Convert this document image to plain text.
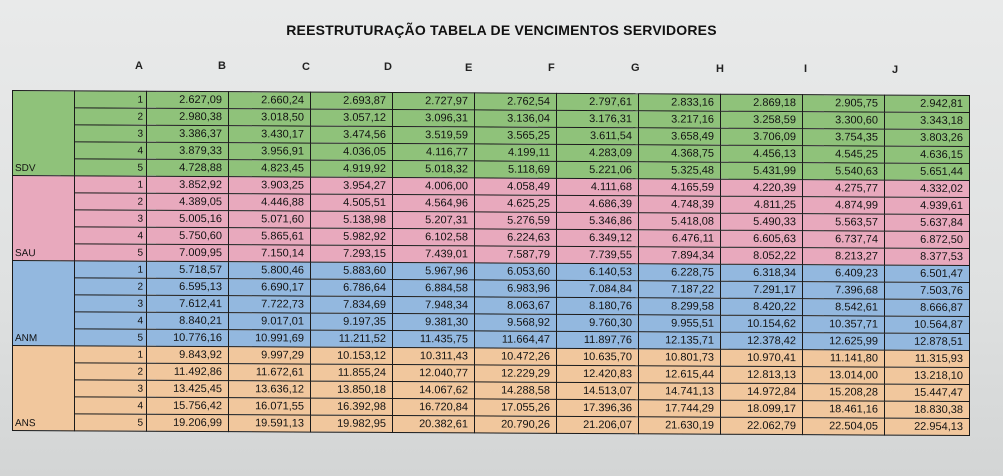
REESTRUTURAÇÃO TABELA DE VENCIMENTOS SERVIDORES
A	B	C	D	E	F	G	H	I	J
SDV	1	2.627,09	2.660,24	2.693,87	2.727,97	2.762,54	2.797,61	2.833,16	2.869,18	2.905,75	2.942,81
	2	2.980,38	3.018,50	3.057,12	3.096,31	3.136,04	3.176,31	3.217,16	3.258,59	3.300,60	3.343,18
	3	3.386,37	3.430,17	3.474,56	3.519,59	3.565,25	3.611,54	3.658,49	3.706,09	3.754,35	3.803,26
	4	3.879,33	3.956,91	4.036,05	4.116,77	4.199,11	4.283,09	4.368,75	4.456,13	4.545,25	4.636,15
	5	4.728,88	4.823,45	4.919,92	5.018,32	5.118,69	5.221,06	5.325,48	5.431,99	5.540,63	5.651,44
SAU	1	3.852,92	3.903,25	3.954,27	4.006,00	4.058,49	4.111,68	4.165,59	4.220,39	4.275,77	4.332,02
	2	4.389,05	4.446,88	4.505,51	4.564,96	4.625,25	4.686,39	4.748,39	4.811,25	4.874,99	4.939,61
	3	5.005,16	5.071,60	5.138,98	5.207,31	5.276,59	5.346,86	5.418,08	5.490,33	5.563,57	5.637,84
	4	5.750,60	5.865,61	5.982,92	6.102,58	6.224,63	6.349,12	6.476,11	6.605,63	6.737,74	6.872,50
	5	7.009,95	7.150,14	7.293,15	7.439,01	7.587,79	7.739,55	7.894,34	8.052,22	8.213,27	8.377,53
ANM	1	5.718,57	5.800,46	5.883,60	5.967,96	6.053,60	6.140,53	6.228,75	6.318,34	6.409,23	6.501,47
	2	6.595,13	6.690,17	6.786,64	6.884,58	6.983,96	7.084,84	7.187,22	7.291,17	7.396,68	7.503,76
	3	7.612,41	7.722,73	7.834,69	7.948,34	8.063,67	8.180,76	8.299,58	8.420,22	8.542,61	8.666,87
	4	8.840,21	9.017,01	9.197,35	9.381,30	9.568,92	9.760,30	9.955,51	10.154,62	10.357,71	10.564,87
	5	10.776,16	10.991,69	11.211,52	11.435,75	11.664,47	11.897,76	12.135,71	12.378,42	12.625,99	12.878,51
ANS	1	9.843,92	9.997,29	10.153,12	10.311,43	10.472,26	10.635,70	10.801,73	10.970,41	11.141,80	11.315,93
	2	11.492,86	11.672,61	11.855,24	12.040,77	12.229,29	12.420,83	12.615,44	12.813,13	13.014,00	13.218,10
	3	13.425,45	13.636,12	13.850,18	14.067,62	14.288,58	14.513,07	14.741,13	14.972,84	15.208,28	15.447,47
	4	15.756,42	16.071,55	16.392,98	16.720,84	17.055,26	17.396,36	17.744,29	18.099,17	18.461,16	18.830,38
	5	19.206,99	19.591,13	19.982,95	20.382,61	20.790,26	21.206,07	21.630,19	22.062,79	22.504,05	22.954,13
